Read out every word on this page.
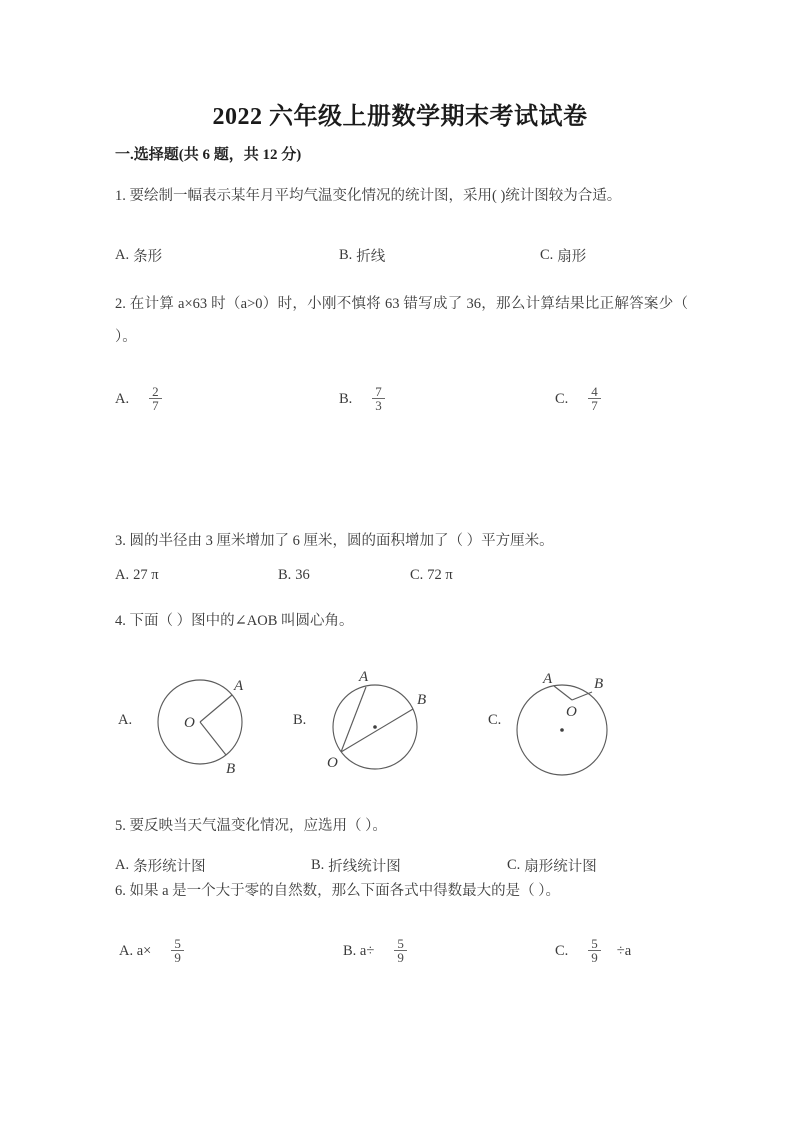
2022 六年级上册数学期末考试试卷
一.选择题(共 6 题，共 12 分)
1. 要绘制一幅表示某年月平均气温变化情况的统计图，采用( )统计图较为合适。
A. 条形	B. 折线	C. 扇形
2. 在计算 a×63 时（a>0）时，小刚不慎将 63 错写成了 36，那么计算结果比正解答案少（ ）。
A. $\frac{2}{7}$	B. $\frac{7}{3}$	C. $\frac{4}{7}$
3. 圆的半径由 3 厘米增加了 6 厘米，圆的面积增加了（ ）平方厘米。
A. 27 π	B. 36	C. 72 π
4. 下面（ ）图中的∠AOB 叫圆心角。
A.	O
A
B
B.
O
A
B
C.	O
A	B
5. 要反映当天气温变化情况，应选用（ ）。
A. 条形统计图	B. 折线统计图	C. 扇形统计图
6. 如果 a 是一个大于零的自然数，那么下面各式中得数最大的是（ ）。
A. $a\times \frac{5}{9}$	B. $a\div \frac{5}{9}$	C. $\frac{5}{9} \div a$
